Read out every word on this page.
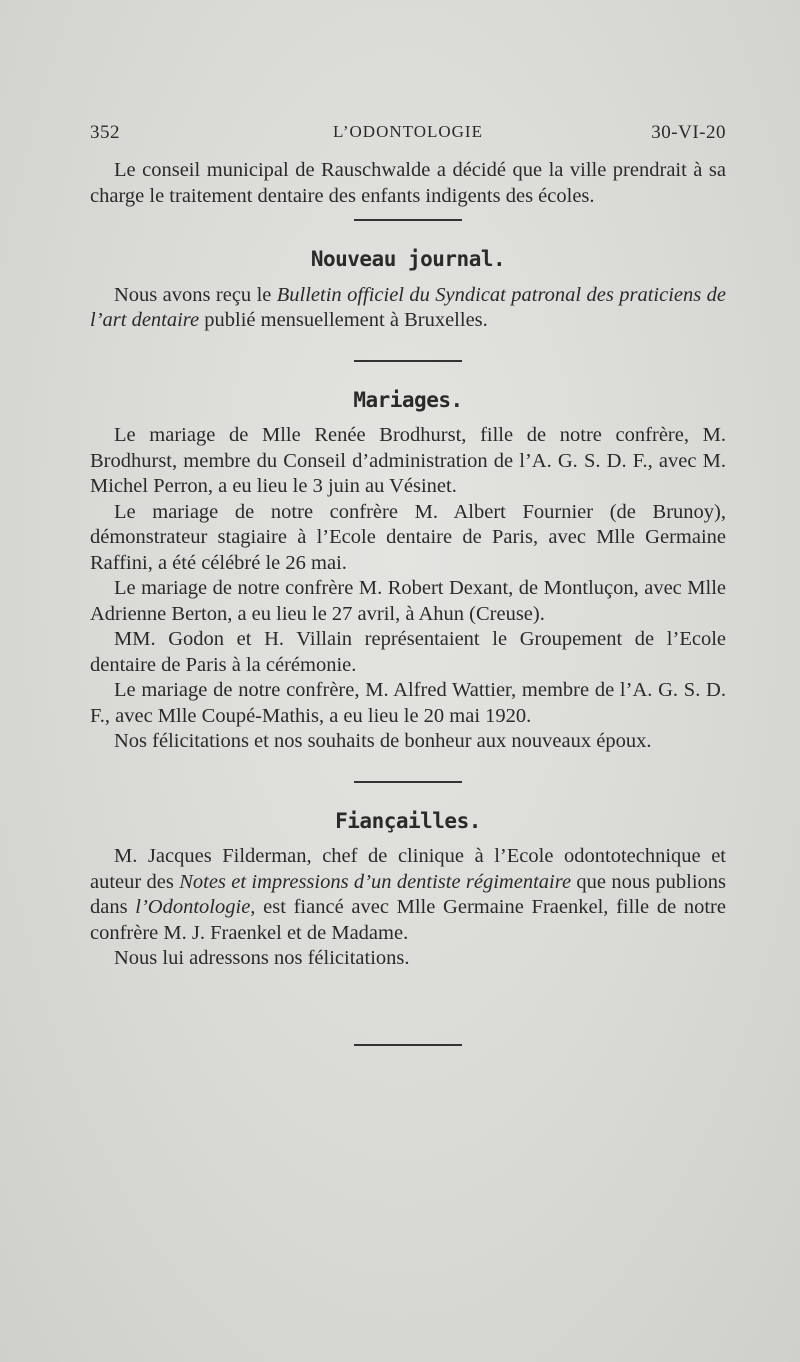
352	L’ODONTOLOGIE	30-VI-20

Le conseil municipal de Rauschwalde a décidé que la ville prendrait à sa charge le traitement dentaire des enfants indigents des écoles.

Nouveau journal.

Nous avons reçu le Bulletin officiel du Syndicat patronal des praticiens de l’art dentaire publié mensuellement à Bruxelles.

Mariages.

Le mariage de Mlle Renée Brodhurst, fille de notre confrère, M. Brodhurst, membre du Conseil d’administration de l’A. G. S. D. F., avec M. Michel Perron, a eu lieu le 3 juin au Vésinet.

Le mariage de notre confrère M. Albert Fournier (de Brunoy), démonstrateur stagiaire à l’Ecole dentaire de Paris, avec Mlle Germaine Raffini, a été célébré le 26 mai.

Le mariage de notre confrère M. Robert Dexant, de Montluçon, avec Mlle Adrienne Berton, a eu lieu le 27 avril, à Ahun (Creuse).

MM. Godon et H. Villain représentaient le Groupement de l’Ecole dentaire de Paris à la cérémonie.

Le mariage de notre confrère, M. Alfred Wattier, membre de l’A. G. S. D. F., avec Mlle Coupé-Mathis, a eu lieu le 20 mai 1920.

Nos félicitations et nos souhaits de bonheur aux nouveaux époux.

Fiançailles.

M. Jacques Filderman, chef de clinique à l’Ecole odontotechnique et auteur des Notes et impressions d’un dentiste régimentaire que nous publions dans l’Odontologie, est fiancé avec Mlle Germaine Fraenkel, fille de notre confrère M. J. Fraenkel et de Madame.

Nous lui adressons nos félicitations.
